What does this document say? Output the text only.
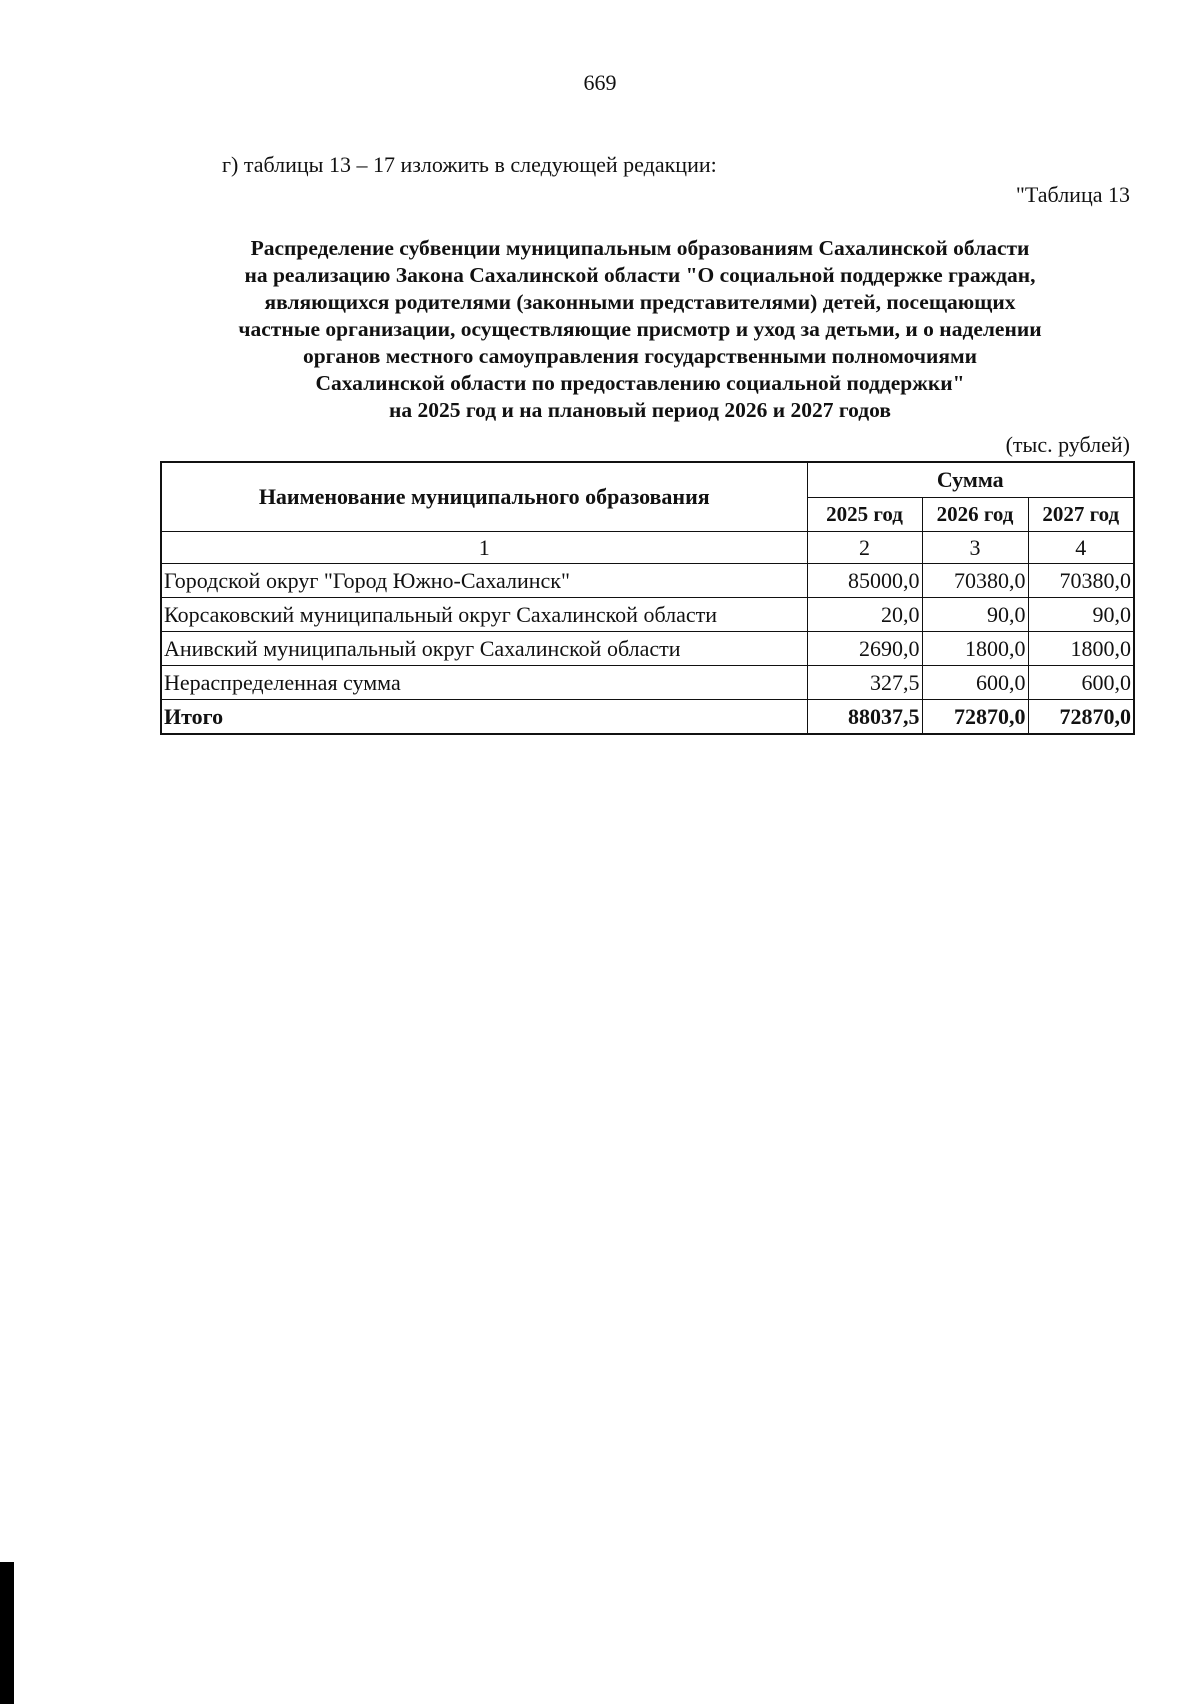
669
г) таблицы 13 – 17 изложить в следующей редакции:
"Таблица 13
Распределение субвенции муниципальным образованиям Сахалинской области
на реализацию Закона Сахалинской области "О социальной поддержке граждан,
являющихся родителями (законными представителями) детей, посещающих
частные организации, осуществляющие присмотр и уход за детьми, и о наделении
органов местного самоуправления государственными полномочиями
Сахалинской области по предоставлению социальной поддержки"
на 2025 год и на плановый период 2026 и 2027 годов
(тыс. рублей)
Наименование муниципального образования	Сумма		
	2025 год	2026 год	2027 год
1	2	3	4
Городской округ "Город Южно-Сахалинск"	85000,0	70380,0	70380,0
Корсаковский муниципальный округ Сахалинской области	20,0	90,0	90,0
Анивский муниципальный округ Сахалинской области	2690,0	1800,0	1800,0
Нераспределенная сумма	327,5	600,0	600,0
Итого	88037,5	72870,0	72870,0
